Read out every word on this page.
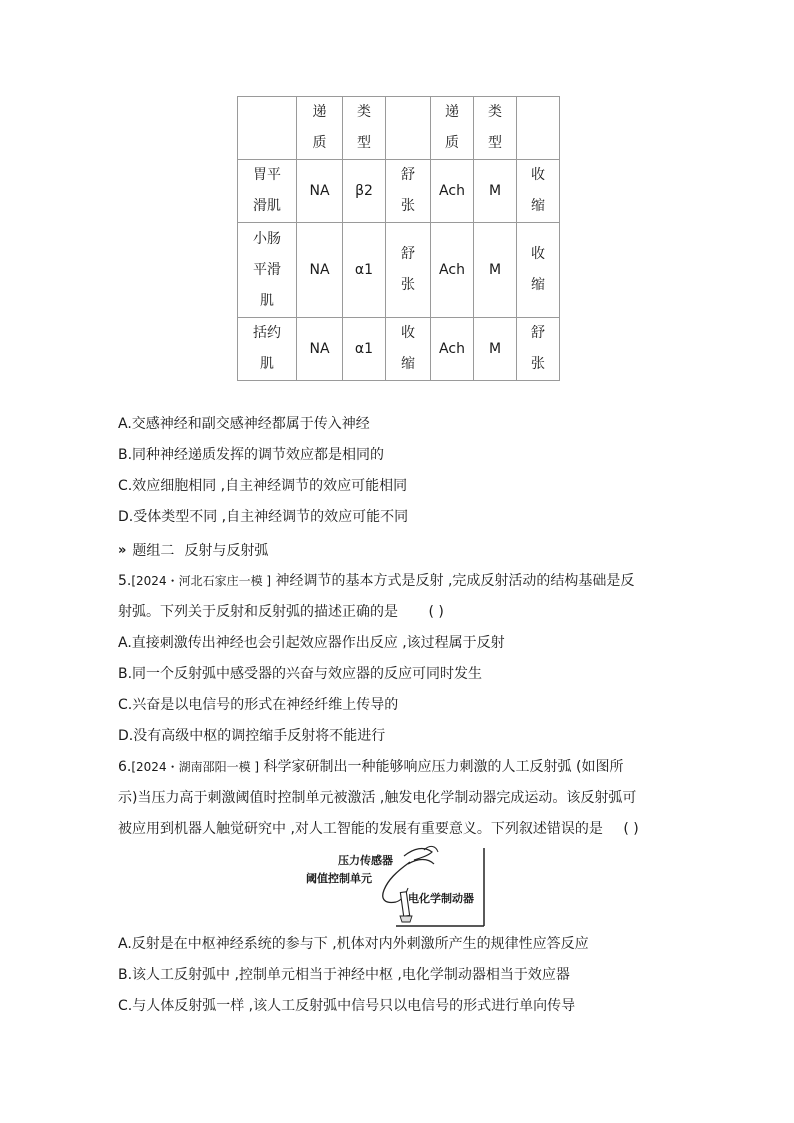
	递质	类型		递质	类型	
胃平滑肌	NA	β2	舒张	Ach	M	收缩
小肠平滑肌	NA	α1	舒张	Ach	M	收缩
括约肌	NA	α1	收缩	Ach	M	舒张
A.交感神经和副交感神经都属于传入神经
B.同种神经递质发挥的调节效应都是相同的
C.效应细胞相同 ,自主神经调节的效应可能相同
D.受体类型不同 ,自主神经调节的效应可能不同
» 题组二 反射与反射弧
5.[2024・河北石家庄一模 ] 神经调节的基本方式是反射 ,完成反射活动的结构基础是反
射弧。下列关于反射和反射弧的描述正确的是 ( )
A.直接刺激传出神经也会引起效应器作出反应 ,该过程属于反射
B.同一个反射弧中感受器的兴奋与效应器的反应可同时发生
C.兴奋是以电信号的形式在神经纤维上传导的
D.没有高级中枢的调控缩手反射将不能进行
6.[2024・湖南邵阳一模 ] 科学家研制出一种能够响应压力刺激的人工反射弧 (如图所
示)当压力高于刺激阈值时控制单元被激活 ,触发电化学制动器完成运动。该反射弧可
被应用到机器人触觉研究中 ,对人工智能的发展有重要意义。下列叙述错误的是 ( )
压力传感器
阈值控制单元
电化学制动器
A.反射是在中枢神经系统的参与下 ,机体对内外刺激所产生的规律性应答反应
B.该人工反射弧中 ,控制单元相当于神经中枢 ,电化学制动器相当于效应器
C.与人体反射弧一样 ,该人工反射弧中信号只以电信号的形式进行单向传导
